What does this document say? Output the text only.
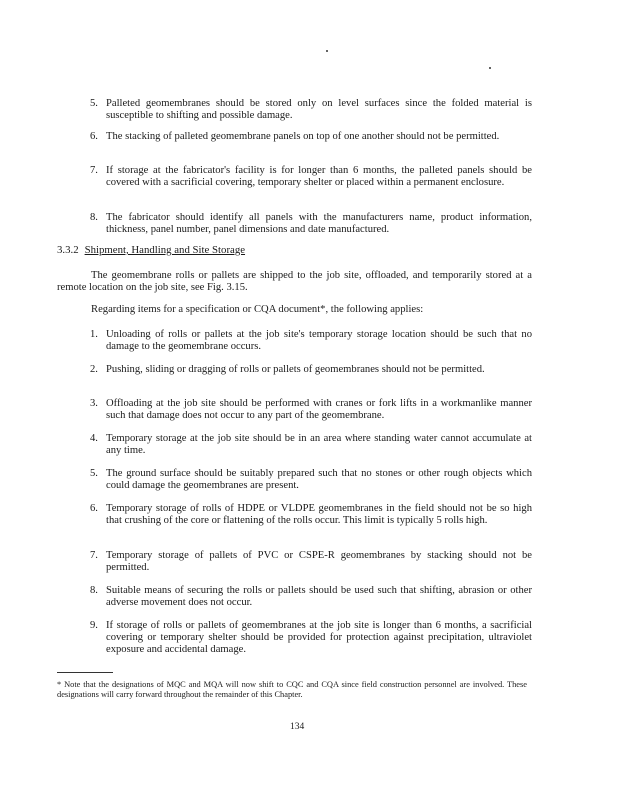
5. Palleted geomembranes should be stored only on level surfaces since the folded material is susceptible to shifting and possible damage.
6. The stacking of palleted geomembrane panels on top of one another should not be permitted.
7. If storage at the fabricator's facility is for longer than 6 months, the palleted panels should be covered with a sacrificial covering, temporary shelter or placed within a permanent enclosure.
8. The fabricator should identify all panels with the manufacturers name, product information, thickness, panel number, panel dimensions and date manufactured.
3.3.2 Shipment, Handling and Site Storage
The geomembrane rolls or pallets are shipped to the job site, offloaded, and temporarily stored at a remote location on the job site, see Fig. 3.15.
Regarding items for a specification or CQA document*, the following applies:
1. Unloading of rolls or pallets at the job site's temporary storage location should be such that no damage to the geomembrane occurs.
2. Pushing, sliding or dragging of rolls or pallets of geomembranes should not be permitted.
3. Offloading at the job site should be performed with cranes or fork lifts in a workmanlike manner such that damage does not occur to any part of the geomembrane.
4. Temporary storage at the job site should be in an area where standing water cannot accumulate at any time.
5. The ground surface should be suitably prepared such that no stones or other rough objects which could damage the geomembranes are present.
6. Temporary storage of rolls of HDPE or VLDPE geomembranes in the field should not be so high that crushing of the core or flattening of the rolls occur. This limit is typically 5 rolls high.
7. Temporary storage of pallets of PVC or CSPE-R geomembranes by stacking should not be permitted.
8. Suitable means of securing the rolls or pallets should be used such that shifting, abrasion or other adverse movement does not occur.
9. If storage of rolls or pallets of geomembranes at the job site is longer than 6 months, a sacrificial covering or temporary shelter should be provided for protection against precipitation, ultraviolet exposure and accidental damage.
* Note that the designations of MQC and MQA will now shift to CQC and CQA since field construction personnel are involved. These designations will carry forward throughout the remainder of this Chapter.
134
